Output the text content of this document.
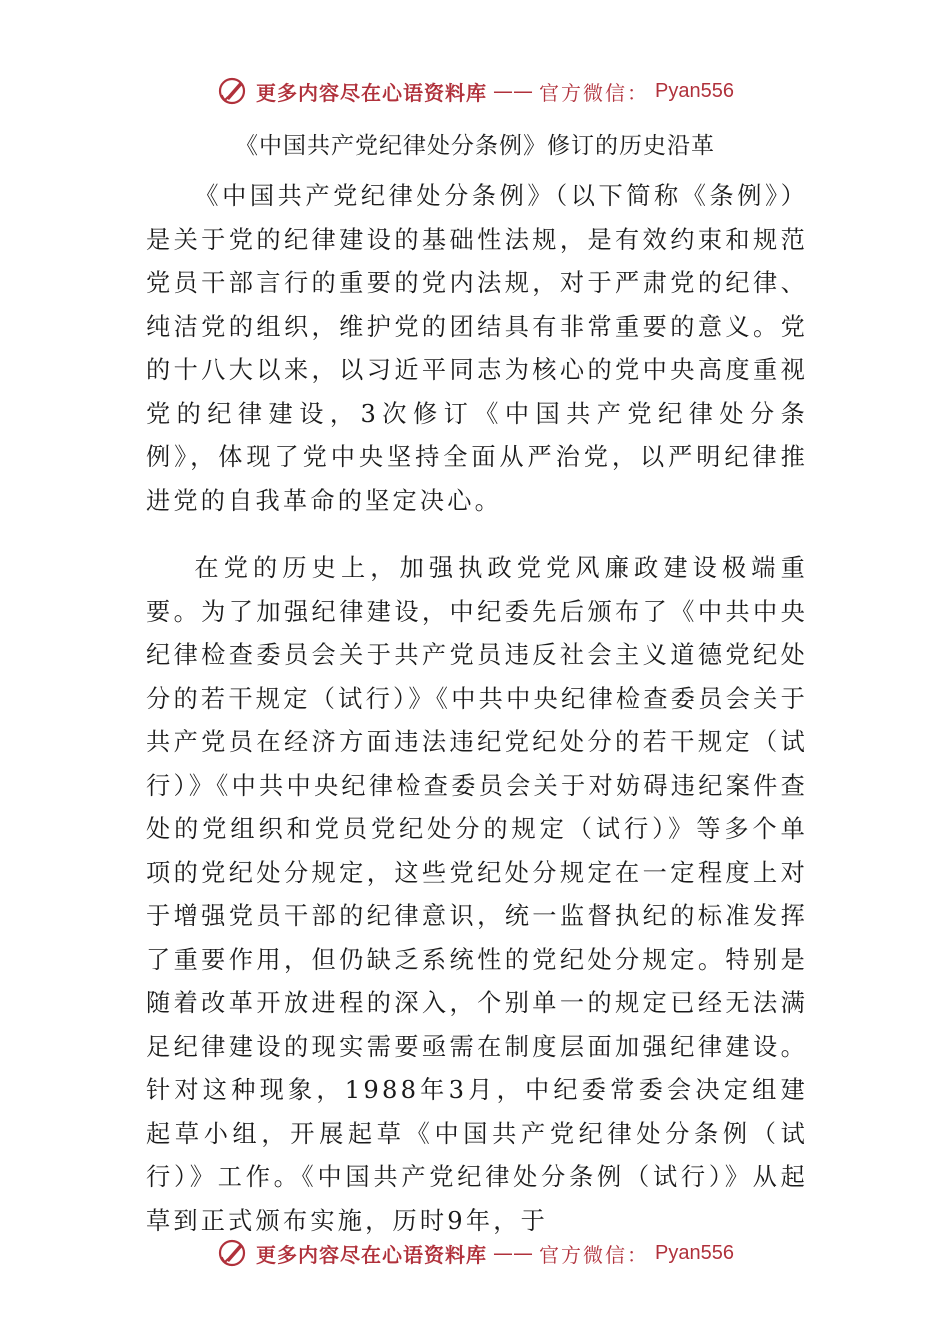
更多内容尽在心语资料库 —— 官方微信： Pyan556
《中国共产党纪律处分条例》修订的历史沿革

《中国共产党纪律处分条例》（以下简称《条例》）是关于党的纪律建设的基础性法规，是有效约束和规范党员干部言行的重要的党内法规，对于严肃党的纪律、纯洁党的组织，维护党的团结具有非常重要的意义。党的十八大以来，以习近平同志为核心的党中央高度重视党的纪律建设，3次修订《中国共产党纪律处分条例》，体现了党中央坚持全面从严治党，以严明纪律推进党的自我革命的坚定决心。

在党的历史上，加强执政党党风廉政建设极端重要。为了加强纪律建设，中纪委先后颁布了《中共中央纪律检查委员会关于共产党员违反社会主义道德党纪处分的若干规定（试行）》《中共中央纪律检查委员会关于共产党员在经济方面违法违纪党纪处分的若干规定（试行）》《中共中央纪律检查委员会关于对妨碍违纪案件查处的党组织和党员党纪处分的规定（试行）》等多个单项的党纪处分规定，这些党纪处分规定在一定程度上对于增强党员干部的纪律意识，统一监督执纪的标准发挥了重要作用，但仍缺乏系统性的党纪处分规定。特别是随着改革开放进程的深入，个别单一的规定已经无法满足纪律建设的现实需要亟需在制度层面加强纪律建设。针对这种现象，1988年3月，中纪委常委会决定组建起草小组，开展起草《中国共产党纪律处分条例（试行）》工作。《中国共产党纪律处分条例（试行）》从起草到正式颁布实施，历时9年，于

更多内容尽在心语资料库 —— 官方微信： Pyan556
